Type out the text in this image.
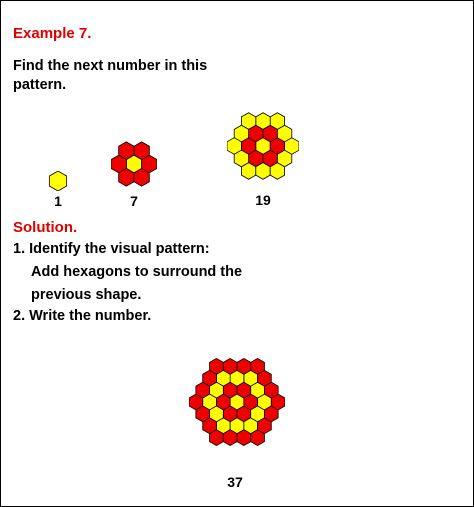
Example 7.
Find the next number in this pattern.
1	7	19
Solution.
1. Identify the visual pattern:
Add hexagons to surround the
previous shape.
2. Write the number.
37
